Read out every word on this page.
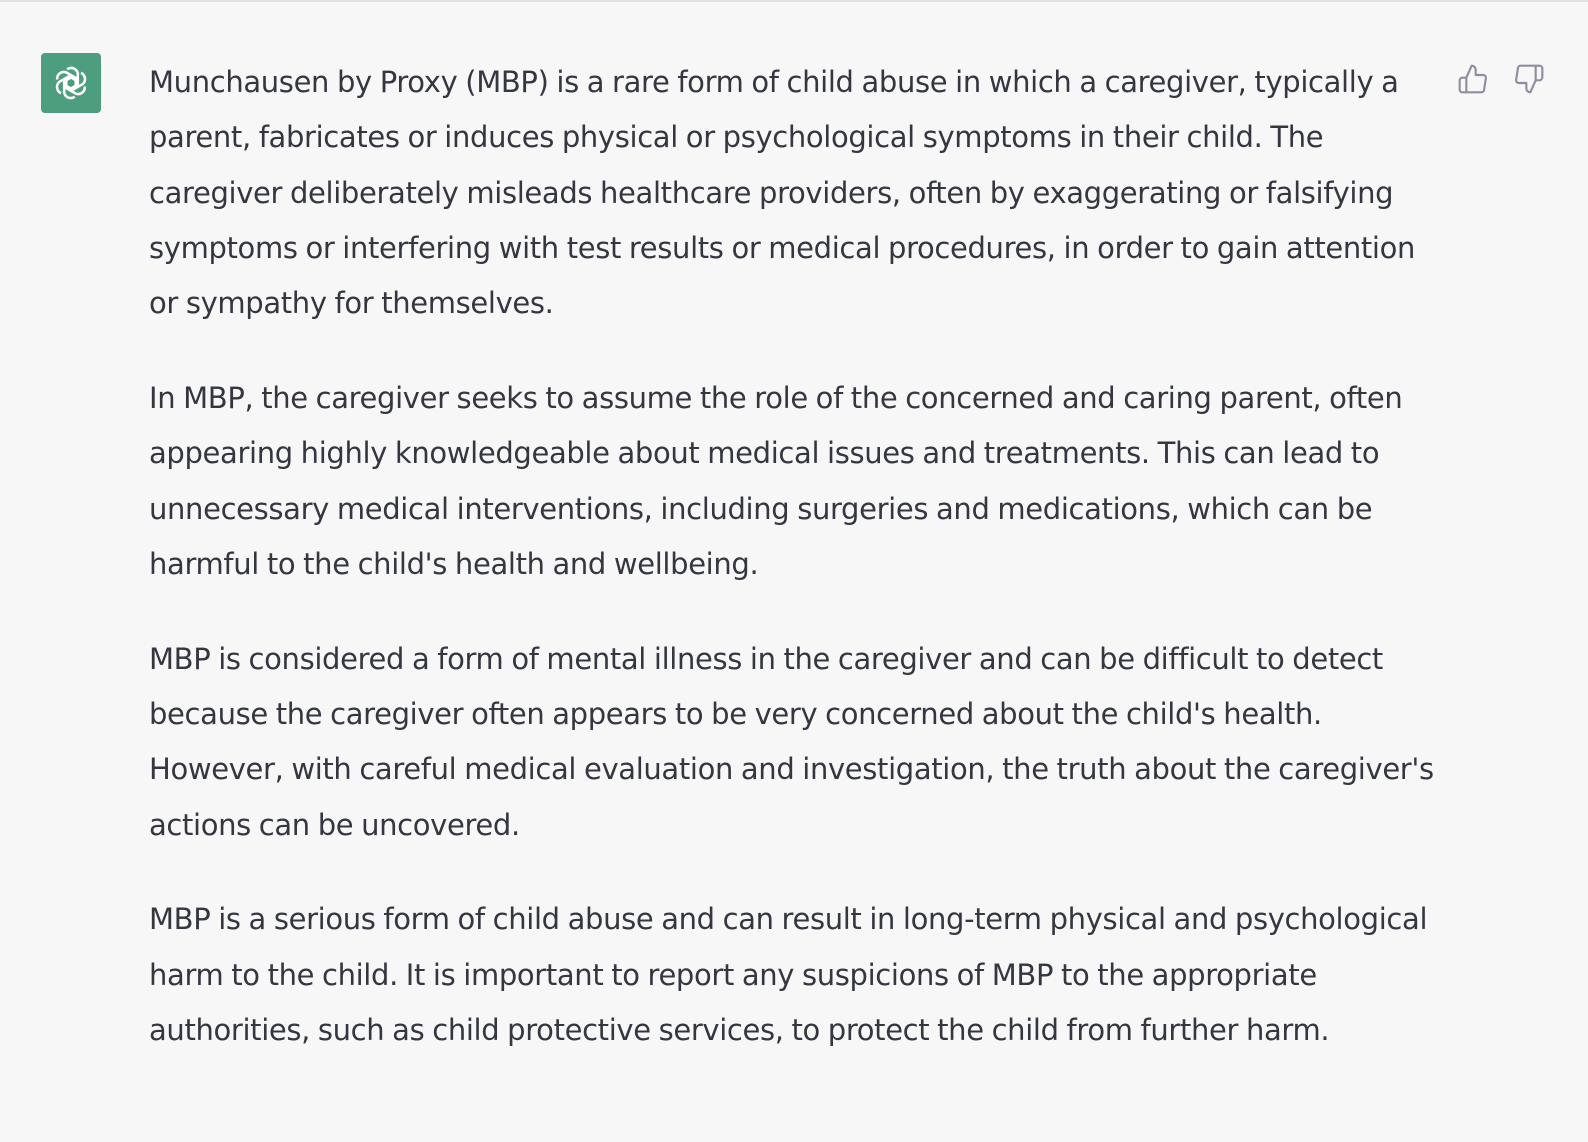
Munchausen by Proxy (MBP) is a rare form of child abuse in which a caregiver, typically a parent, fabricates or induces physical or psychological symptoms in their child. The caregiver deliberately misleads healthcare providers, often by exaggerating or falsifying symptoms or interfering with test results or medical procedures, in order to gain attention or sympathy for themselves.

In MBP, the caregiver seeks to assume the role of the concerned and caring parent, often appearing highly knowledgeable about medical issues and treatments. This can lead to unnecessary medical interventions, including surgeries and medications, which can be harmful to the child's health and wellbeing.

MBP is considered a form of mental illness in the caregiver and can be difficult to detect because the caregiver often appears to be very concerned about the child's health. However, with careful medical evaluation and investigation, the truth about the caregiver's actions can be uncovered.

MBP is a serious form of child abuse and can result in long-term physical and psychological harm to the child. It is important to report any suspicions of MBP to the appropriate authorities, such as child protective services, to protect the child from further harm.
